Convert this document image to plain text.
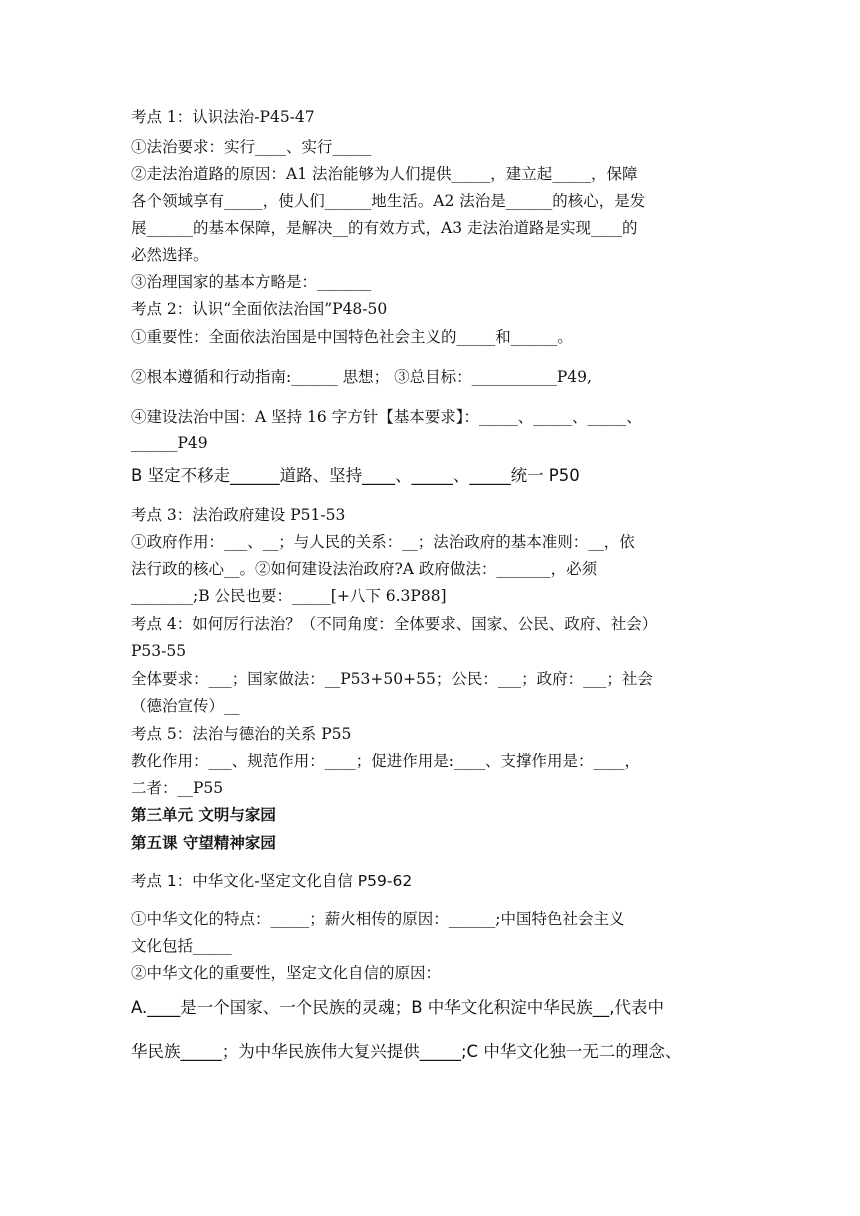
考点 1：认识法治-P45-47
①法治要求：实行____、实行_____
②走法治道路的原因：A1 法治能够为人们提供_____，建立起_____，保障
各个领域享有_____，使人们______地生活。A2 法治是______的核心，是发
展______的基本保障，是解决__的有效方式，A3 走法治道路是实现____的
必然选择。
③治理国家的基本方略是：_______
考点 2：认识“全面依法治国”P48-50
①重要性：全面依法治国是中国特色社会主义的_____和______。
②根本遵循和行动指南:______ 思想； ③总目标：___________P49,
④建设法治中国：A 坚持 16 字方针【基本要求】：_____、_____、_____、
______P49
B 坚定不移走______道路、坚持____、_____、_____统一 P50
考点 3：法治政府建设 P51-53
①政府作用：___、__；与人民的关系：__；法治政府的基本准则：__，依
法行政的核心__。②如何建设法治政府?A 政府做法：_______，必须
________;B 公民也要：_____[+八下 6.3P88]
考点 4：如何厉行法治？（不同角度：全体要求、国家、公民、政府、社会）
P53-55
全体要求：___；国家做法：__P53+50+55；公民：___；政府：___；社会
（德治宣传）__
考点 5：法治与德治的关系 P55
教化作用：___、规范作用：____；促进作用是:____、支撑作用是：____，
二者：__P55
第三单元 文明与家园
第五课 守望精神家园
考点 1：中华文化-坚定文化自信 P59-62
①中华文化的特点：_____；薪火相传的原因：______;中国特色社会主义
文化包括_____
②中华文化的重要性，坚定文化自信的原因：
A.____是一个国家、一个民族的灵魂；B 中华文化积淀中华民族__,代表中
华民族_____；为中华民族伟大复兴提供_____;C 中华文化独一无二的理念、
